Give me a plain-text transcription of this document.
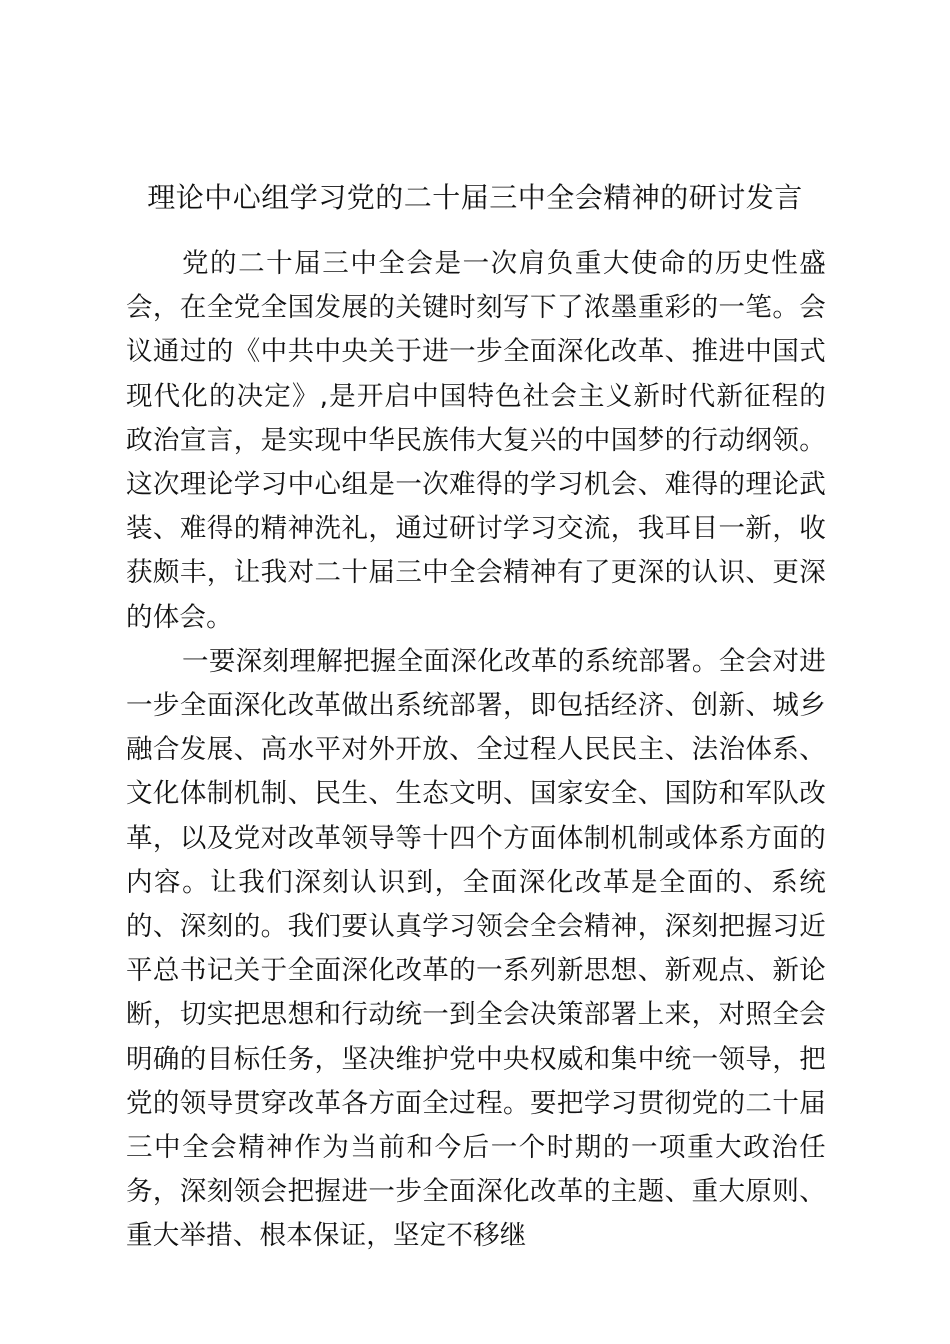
理论中心组学习党的二十届三中全会精神的研讨发言

党的二十届三中全会是一次肩负重大使命的历史性盛会，在全党全国发展的关键时刻写下了浓墨重彩的一笔。会议通过的《中共中央关于进一步全面深化改革、推进中国式现代化的决定》,是开启中国特色社会主义新时代新征程的政治宣言，是实现中华民族伟大复兴的中国梦的行动纲领。这次理论学习中心组是一次难得的学习机会、难得的理论武装、难得的精神洗礼，通过研讨学习交流，我耳目一新，收获颇丰，让我对二十届三中全会精神有了更深的认识、更深的体会。

一要深刻理解把握全面深化改革的系统部署。全会对进一步全面深化改革做出系统部署，即包括经济、创新、城乡融合发展、高水平对外开放、全过程人民民主、法治体系、文化体制机制、民生、生态文明、国家安全、国防和军队改革，以及党对改革领导等十四个方面体制机制或体系方面的内容。让我们深刻认识到，全面深化改革是全面的、系统的、深刻的。我们要认真学习领会全会精神，深刻把握习近平总书记关于全面深化改革的一系列新思想、新观点、新论断，切实把思想和行动统一到全会决策部署上来，对照全会明确的目标任务，坚决维护党中央权威和集中统一领导，把党的领导贯穿改革各方面全过程。要把学习贯彻党的二十届三中全会精神作为当前和今后一个时期的一项重大政治任务，深刻领会把握进一步全面深化改革的主题、重大原则、重大举措、根本保证，坚定不移继
